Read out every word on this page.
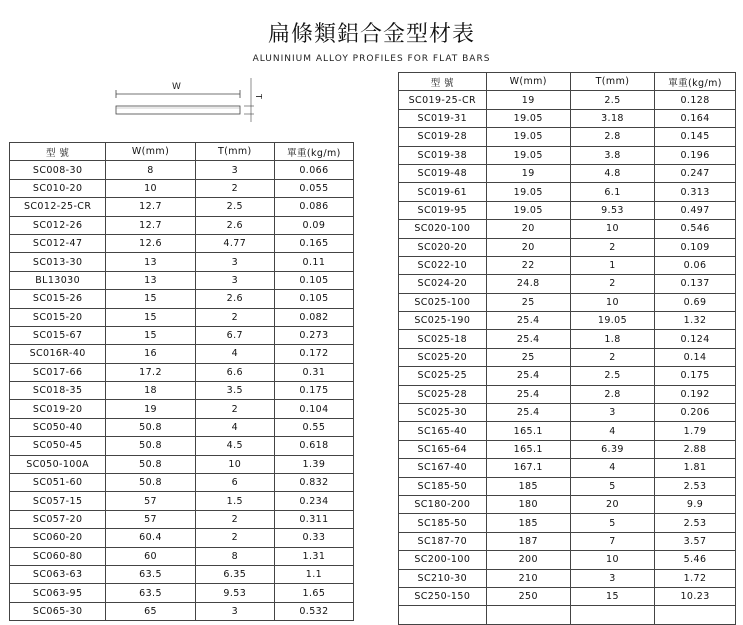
扁條類鋁合金型材表
ALUNINIUM ALLOY PROFILES FOR FLAT BARS
W
T
型 號	W(mm)	T(mm)	單重(kg/m)
SC008-30	8	3	0.066
SC010-20	10	2	0.055
SC012-25-CR	12.7	2.5	0.086
SC012-26	12.7	2.6	0.09
SC012-47	12.6	4.77	0.165
SC013-30	13	3	0.11
BL13030	13	3	0.105
SC015-26	15	2.6	0.105
SC015-20	15	2	0.082
SC015-67	15	6.7	0.273
SC016R-40	16	4	0.172
SC017-66	17.2	6.6	0.31
SC018-35	18	3.5	0.175
SC019-20	19	2	0.104
SC050-40	50.8	4	0.55
SC050-45	50.8	4.5	0.618
SC050-100A	50.8	10	1.39
SC051-60	50.8	6	0.832
SC057-15	57	1.5	0.234
SC057-20	57	2	0.311
SC060-20	60.4	2	0.33
SC060-80	60	8	1.31
SC063-63	63.5	6.35	1.1
SC063-95	63.5	9.53	1.65
SC065-30	65	3	0.532
型 號	W(mm)	T(mm)	單重(kg/m)
SC019-25-CR	19	2.5	0.128
SC019-31	19.05	3.18	0.164
SC019-28	19.05	2.8	0.145
SC019-38	19.05	3.8	0.196
SC019-48	19	4.8	0.247
SC019-61	19.05	6.1	0.313
SC019-95	19.05	9.53	0.497
SC020-100	20	10	0.546
SC020-20	20	2	0.109
SC022-10	22	1	0.06
SC024-20	24.8	2	0.137
SC025-100	25	10	0.69
SC025-190	25.4	19.05	1.32
SC025-18	25.4	1.8	0.124
SC025-20	25	2	0.14
SC025-25	25.4	2.5	0.175
SC025-28	25.4	2.8	0.192
SC025-30	25.4	3	0.206
SC165-40	165.1	4	1.79
SC165-64	165.1	6.39	2.88
SC167-40	167.1	4	1.81
SC185-50	185	5	2.53
SC180-200	180	20	9.9
SC185-50	185	5	2.53
SC187-70	187	7	3.57
SC200-100	200	10	5.46
SC210-30	210	3	1.72
SC250-150	250	15	10.23
